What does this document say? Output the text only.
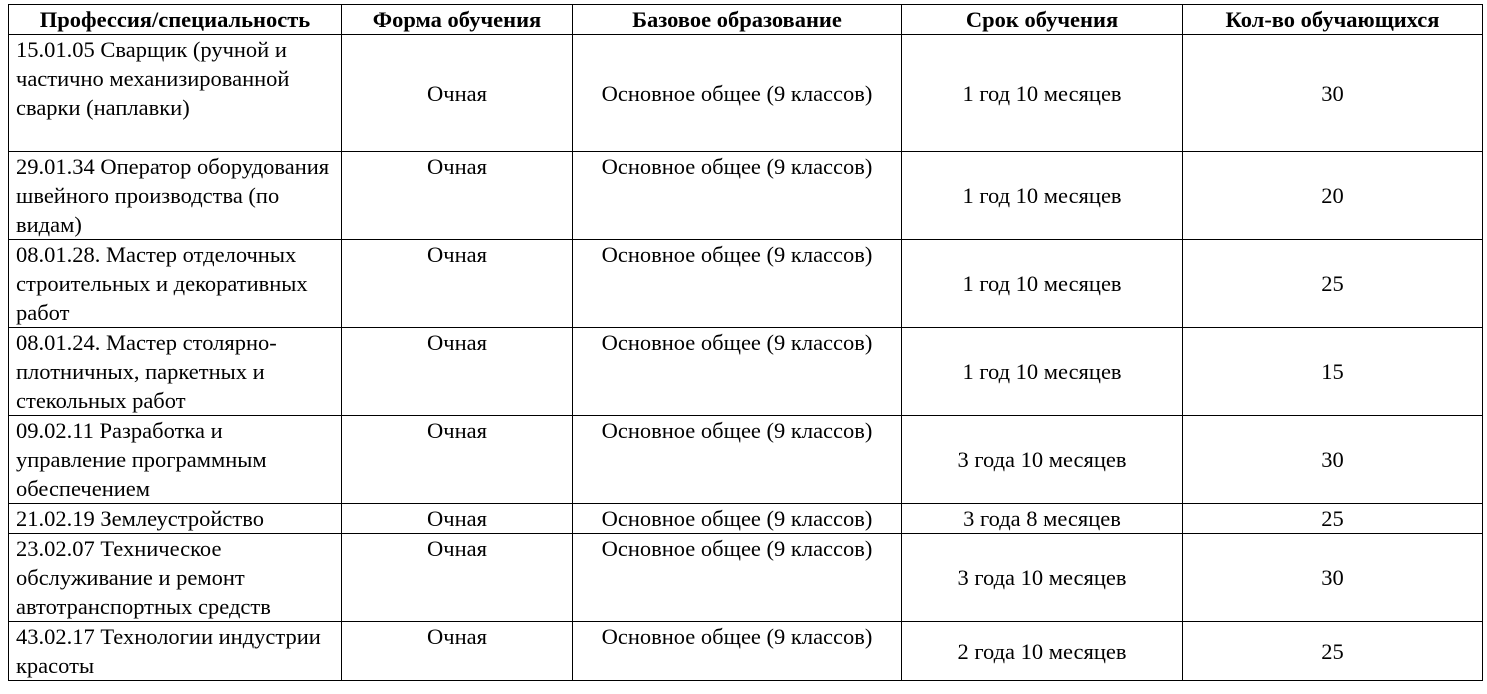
Профессия/специальность	Форма обучения	Базовое образование	Срок обучения	Кол-во обучающихся
15.01.05 Сварщик (ручной и частично механизированной сварки (наплавки)	Очная	Основное общее (9 классов)	1 год 10 месяцев	30
29.01.34 Оператор оборудования швейного производства (по видам)	Очная	Основное общее (9 классов)	1 год 10 месяцев	20
08.01.28. Мастер отделочных строительных и декоративных работ	Очная	Основное общее (9 классов)	1 год 10 месяцев	25
08.01.24. Мастер столярно-плотничных, паркетных и стекольных работ	Очная	Основное общее (9 классов)	1 год 10 месяцев	15
09.02.11 Разработка и управление программным обеспечением	Очная	Основное общее (9 классов)	3 года 10 месяцев	30
21.02.19 Землеустройство	Очная	Основное общее (9 классов)	3 года 8 месяцев	25
23.02.07 Техническое обслуживание и ремонт автотранспортных средств	Очная	Основное общее (9 классов)	3 года 10 месяцев	30
43.02.17 Технологии индустрии красоты	Очная	Основное общее (9 классов)	2 года 10 месяцев	25
